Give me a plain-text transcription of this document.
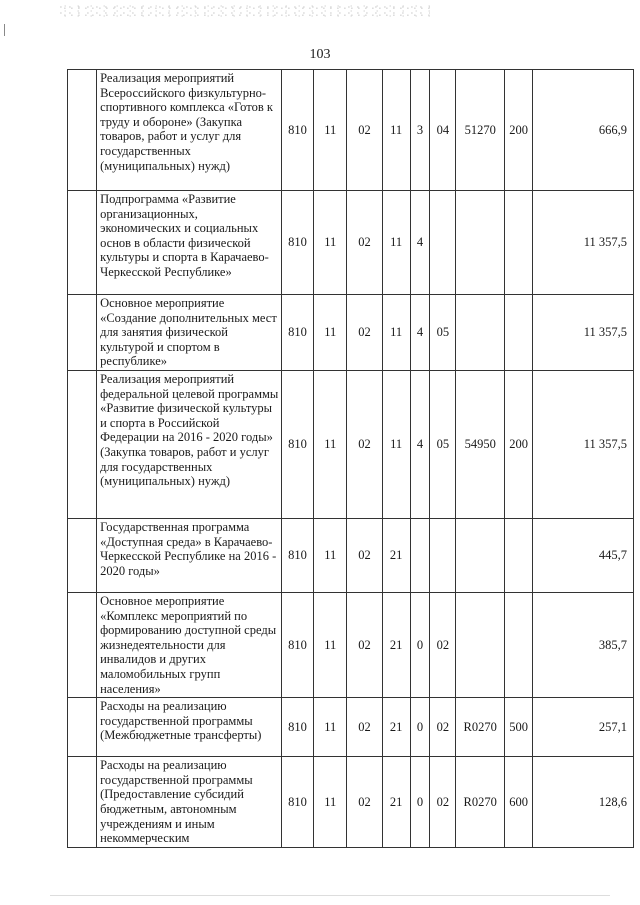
103
	Реализация мероприятий Всероссийского физкультурно-спортивного комплекса «Готов к труду и обороне» (Закупка товаров, работ и услуг для государственных (муниципальных) нужд)	810	11	02	11	3	04	51270	200	666,9
	Подпрограмма «Развитие организационных, экономических и социальных основ в области физической культуры и спорта в Карачаево-Черкесской Республике»	810	11	02	11	4				11 357,5
	Основное мероприятие «Создание дополнительных мест для занятия физической культурой и спортом в республике»	810	11	02	11	4	05			11 357,5
	Реализация мероприятий федеральной целевой программы «Развитие физической культуры и спорта в Российской Федерации на 2016 - 2020 годы» (Закупка товаров, работ и услуг для государственных (муниципальных) нужд)	810	11	02	11	4	05	54950	200	11 357,5
	Государственная программа «Доступная среда» в Карачаево-Черкесской Республике на 2016 - 2020 годы»	810	11	02	21					445,7
	Основное мероприятие «Комплекс мероприятий по формированию доступной среды жизнедеятельности для инвалидов и других маломобильных групп населения»	810	11	02	21	0	02			385,7
	Расходы на реализацию государственной программы (Межбюджетные трансферты)	810	11	02	21	0	02	R0270	500	257,1
	Расходы на реализацию государственной программы (Предоставление субсидий бюджетным, автономным учреждениям и иным некоммерческим	810	11	02	21	0	02	R0270	600	128,6
